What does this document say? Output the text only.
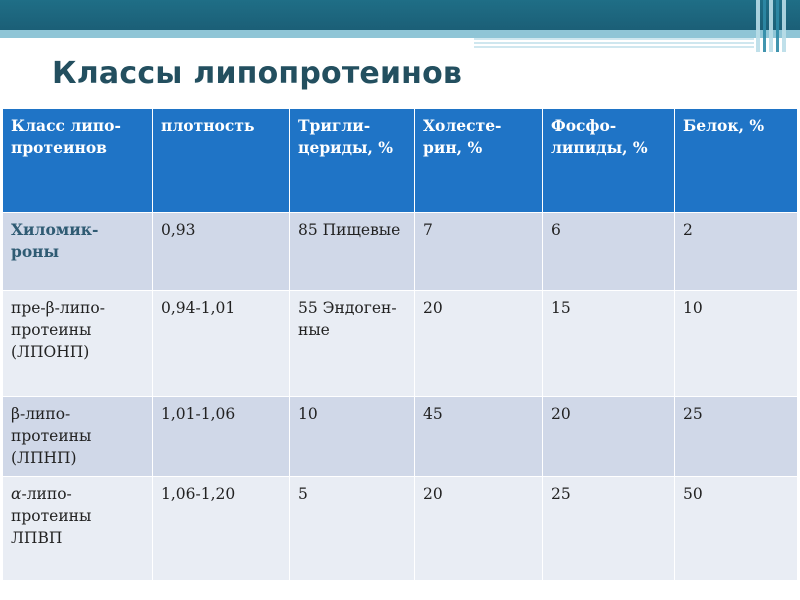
Классы липопротеинов
Класс липо-протеинов	плотность	Тригли-цериды, %	Холесте-рин, %	Фосфо-липиды, %	Белок, %
Хиломик-роны	0,93	85 Пищевые	7	6	2
пре-β-липо-протеины (ЛПОНП)	0,94-1,01	55 Эндоген-ные	20	15	10
β-липо-протеины (ЛПНП)	1,01-1,06	10	45	20	25
α-липо-протеины ЛПВП	1,06-1,20	5	20	25	50
